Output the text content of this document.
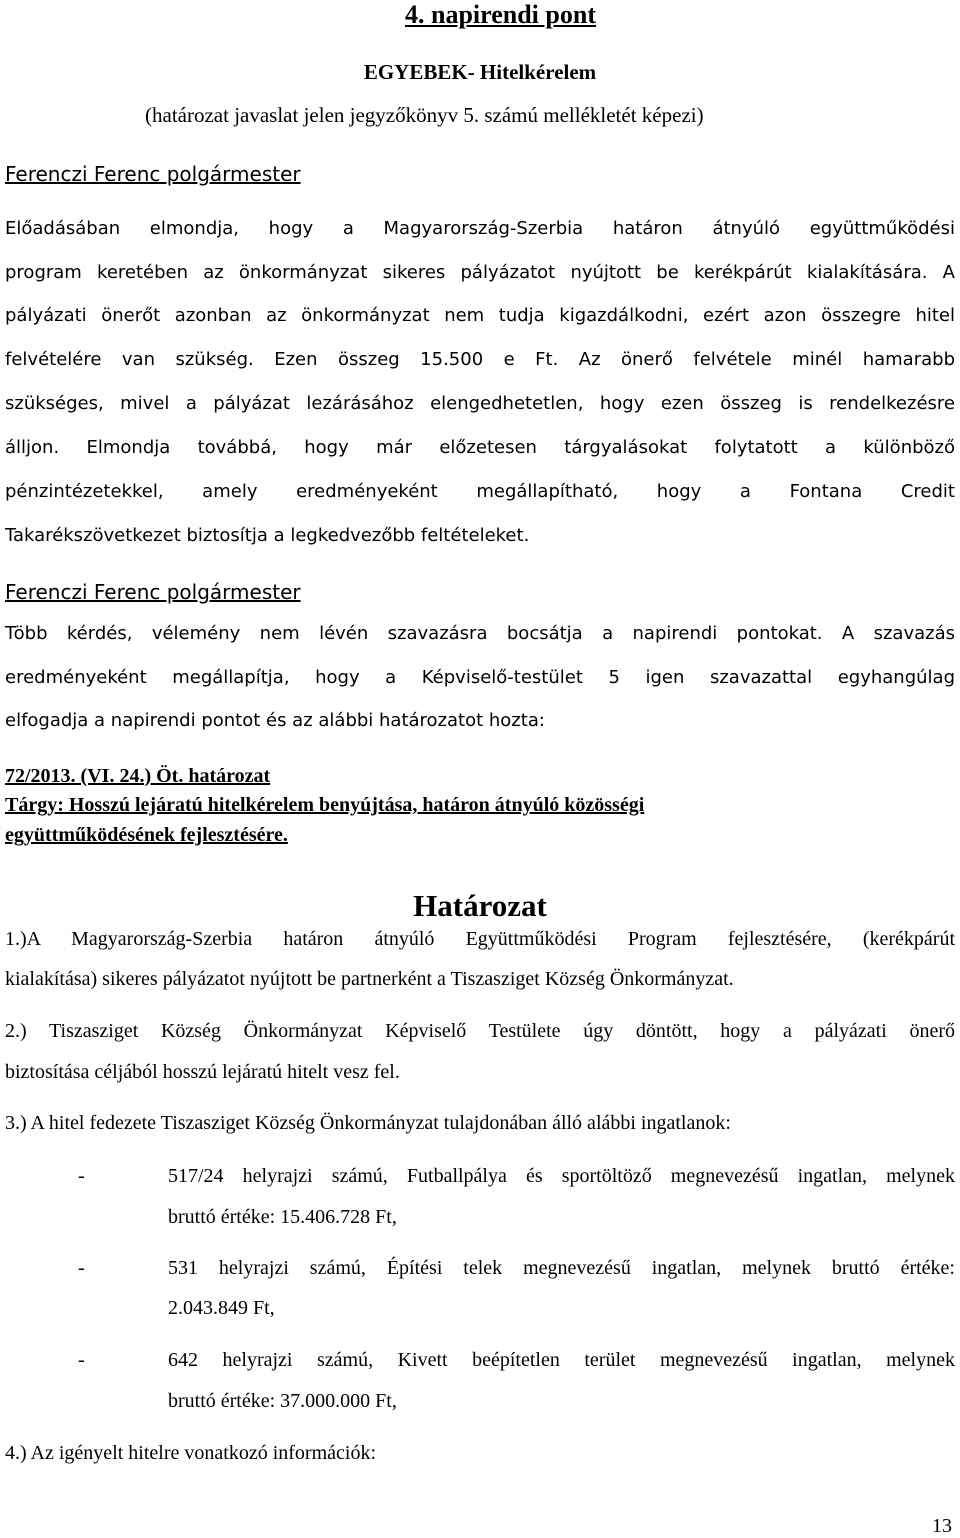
4. napirendi pont
EGYEBEK- Hitelkérelem
(határozat javaslat jelen jegyzőkönyv 5. számú mellékletét képezi)
Ferenczi Ferenc polgármester
Előadásában elmondja, hogy a Magyarország-Szerbia határon átnyúló együttműködési
program keretében az önkormányzat sikeres pályázatot nyújtott be kerékpárút kialakítására. A
pályázati önerőt azonban az önkormányzat nem tudja kigazdálkodni, ezért azon összegre hitel
felvételére van szükség. Ezen összeg 15.500 e Ft. Az önerő felvétele minél hamarabb
szükséges, mivel a pályázat lezárásához elengedhetetlen, hogy ezen összeg is rendelkezésre
álljon. Elmondja továbbá, hogy már előzetesen tárgyalásokat folytatott a különböző
pénzintézetekkel, amely eredményeként megállapítható, hogy a Fontana Credit
Takarékszövetkezet biztosítja a legkedvezőbb feltételeket.
Ferenczi Ferenc polgármester
Több kérdés, vélemény nem lévén szavazásra bocsátja a napirendi pontokat. A szavazás
eredményeként megállapítja, hogy a Képviselő-testület 5 igen szavazattal egyhangúlag
elfogadja a napirendi pontot és az alábbi határozatot hozta:
72/2013. (VI. 24.) Öt. határozat
Tárgy: Hosszú lejáratú hitelkérelem benyújtása, határon átnyúló közösségi
együttműködésének fejlesztésére.
Határozat
1.)A Magyarország-Szerbia határon átnyúló Együttműködési Program fejlesztésére, (kerékpárút
kialakítása) sikeres pályázatot nyújtott be partnerként a Tiszasziget Község Önkormányzat.
2.) Tiszasziget Község Önkormányzat Képviselő Testülete úgy döntött, hogy a pályázati önerő
biztosítása céljából hosszú lejáratú hitelt vesz fel.
3.) A hitel fedezete Tiszasziget Község Önkormányzat tulajdonában álló alábbi ingatlanok:
-	517/24 helyrajzi számú, Futballpálya és sportöltöző megnevezésű ingatlan, melynek
bruttó értéke: 15.406.728 Ft,
-	531 helyrajzi számú, Építési telek megnevezésű ingatlan, melynek bruttó értéke:
2.043.849 Ft,
-	642 helyrajzi számú, Kivett beépítetlen terület megnevezésű ingatlan, melynek
bruttó értéke: 37.000.000 Ft,
4.) Az igényelt hitelre vonatkozó információk:
13
